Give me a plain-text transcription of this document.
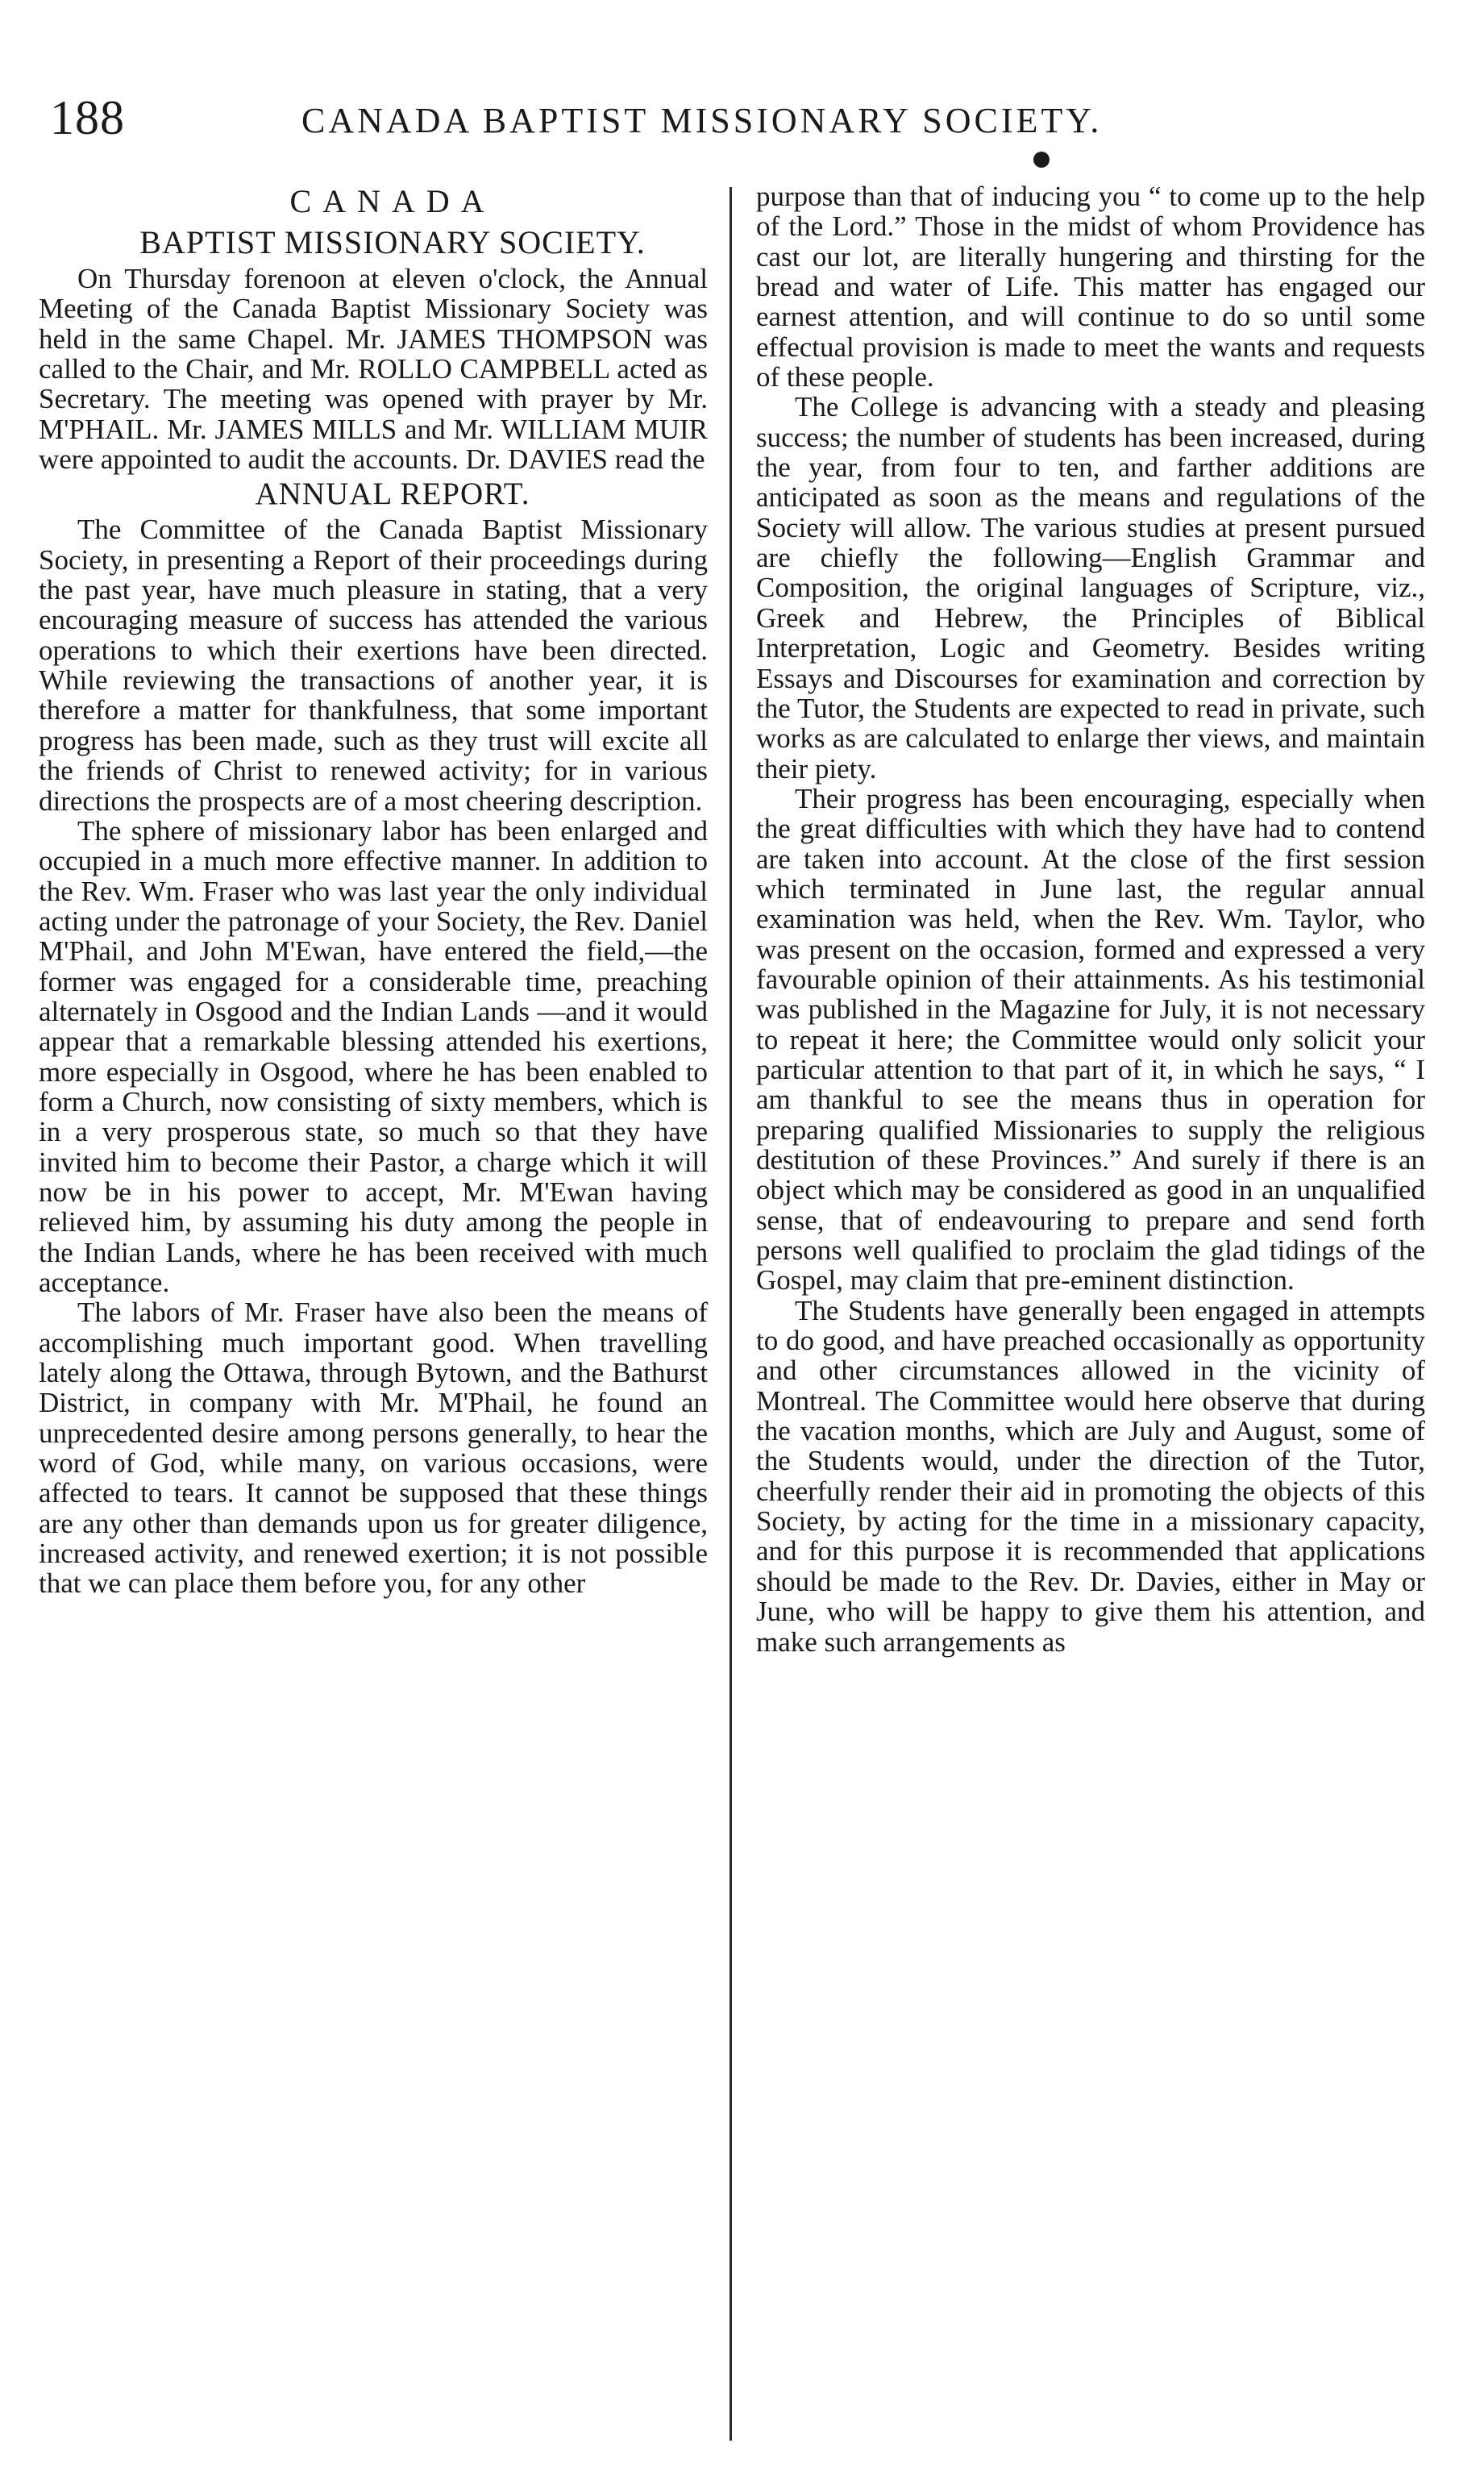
188	CANADA BAPTIST MISSIONARY SOCIETY.

CANADA

BAPTIST MISSIONARY SOCIETY.

On Thursday forenoon at eleven o'clock, the Annual Meeting of the Canada Baptist Missionary Society was held in the same Chapel. Mr. JAMES THOMPSON was called to the Chair, and Mr. ROLLO CAMPBELL acted as Secretary. The meeting was opened with prayer by Mr. M'PHAIL. Mr. JAMES MILLS and Mr. WILLIAM MUIR were appointed to audit the accounts. Dr. DAVIES read the

ANNUAL REPORT.

The Committee of the Canada Baptist Missionary Society, in presenting a Report of their proceedings during the past year, have much pleasure in stating, that a very encouraging measure of success has attended the various operations to which their exertions have been directed. While reviewing the transactions of another year, it is therefore a matter for thankfulness, that some important progress has been made, such as they trust will excite all the friends of Christ to renewed activity; for in various directions the prospects are of a most cheering description.

The sphere of missionary labor has been enlarged and occupied in a much more effective manner. In addition to the Rev. Wm. Fraser who was last year the only individual acting under the patronage of your Society, the Rev. Daniel M'Phail, and John M'Ewan, have entered the field,—the former was engaged for a considerable time, preaching alternately in Osgood and the Indian Lands —and it would appear that a remarkable blessing attended his exertions, more especially in Osgood, where he has been enabled to form a Church, now consisting of sixty members, which is in a very prosperous state, so much so that they have invited him to become their Pastor, a charge which it will now be in his power to accept, Mr. M'Ewan having relieved him, by assuming his duty among the people in the Indian Lands, where he has been received with much acceptance.

The labors of Mr. Fraser have also been the means of accomplishing much important good. When travelling lately along the Ottawa, through Bytown, and the Bathurst District, in company with Mr. M'Phail, he found an unprecedented desire among persons generally, to hear the word of God, while many, on various occasions, were affected to tears. It cannot be supposed that these things are any other than demands upon us for greater diligence, increased activity, and renewed exertion; it is not possible that we can place them before you, for any other

purpose than that of inducing you “ to come up to the help of the Lord.” Those in the midst of whom Providence has cast our lot, are literally hungering and thirsting for the bread and water of Life. This matter has engaged our earnest attention, and will continue to do so until some effectual provision is made to meet the wants and requests of these people.

The College is advancing with a steady and pleasing success; the number of students has been increased, during the year, from four to ten, and farther additions are anticipated as soon as the means and regulations of the Society will allow. The various studies at present pursued are chiefly the following—English Grammar and Composition, the original languages of Scripture, viz., Greek and Hebrew, the Principles of Biblical Interpretation, Logic and Geometry. Besides writing Essays and Discourses for examination and correction by the Tutor, the Students are expected to read in private, such works as are calculated to enlarge ther views, and maintain their piety.

Their progress has been encouraging, especially when the great difficulties with which they have had to contend are taken into account. At the close of the first session which terminated in June last, the regular annual examination was held, when the Rev. Wm. Taylor, who was present on the occasion, formed and expressed a very favourable opinion of their attainments. As his testimonial was published in the Magazine for July, it is not necessary to repeat it here; the Committee would only solicit your particular attention to that part of it, in which he says, “ I am thankful to see the means thus in operation for preparing qualified Missionaries to supply the religious destitution of these Provinces.” And surely if there is an object which may be considered as good in an unqualified sense, that of endeavouring to prepare and send forth persons well qualified to proclaim the glad tidings of the Gospel, may claim that pre-eminent distinction.

The Students have generally been engaged in attempts to do good, and have preached occasionally as opportunity and other circumstances allowed in the vicinity of Montreal. The Committee would here observe that during the vacation months, which are July and August, some of the Students would, under the direction of the Tutor, cheerfully render their aid in promoting the objects of this Society, by acting for the time in a missionary capacity, and for this purpose it is recommended that applications should be made to the Rev. Dr. Davies, either in May or June, who will be happy to give them his attention, and make such arrangements as
